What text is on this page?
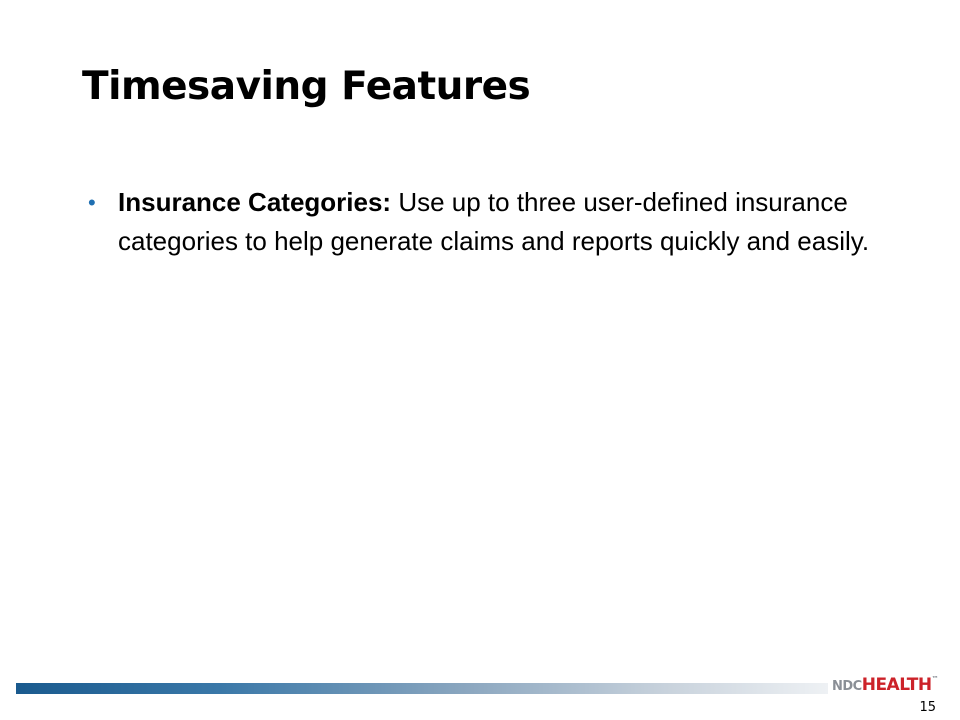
Timesaving Features
• Insurance Categories: Use up to three user-defined insurance categories to help generate claims and reports quickly and easily.
NDCHEALTH™
15
